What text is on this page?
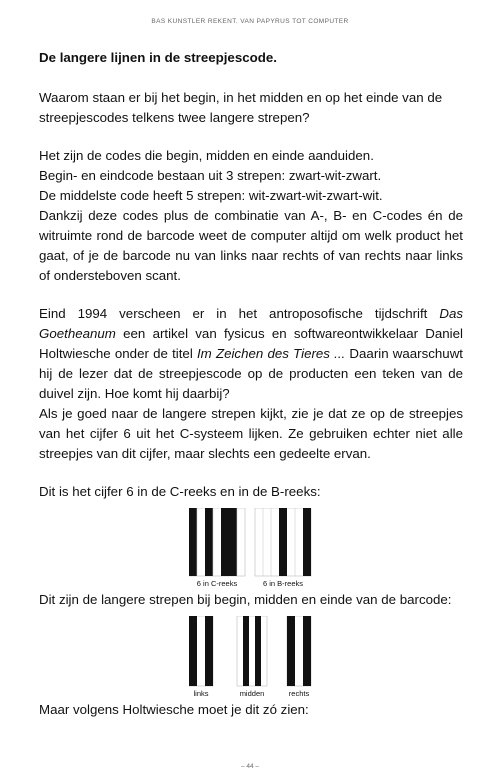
BAS KUNSTLER REKENT. VAN PAPYRUS TOT COMPUTER
De langere lijnen in de streepjescode.

Waarom staan er bij het begin, in het midden en op het einde van de streepjescodes telkens twee langere strepen?

Het zijn de codes die begin, midden en einde aanduiden.
Begin- en eindcode bestaan uit 3 strepen: zwart-wit-zwart.
De middelste code heeft 5 strepen: wit-zwart-wit-zwart-wit.
Dankzij deze codes plus de combinatie van A-, B- en C-codes én de witruimte rond de barcode weet de computer altijd om welk product het gaat, of je de barcode nu van links naar rechts of van rechts naar links of ondersteboven scant.

Eind 1994 verscheen er in het antroposofische tijdschrift Das Goetheanum een artikel van fysicus en softwareontwikkelaar Daniel Holtwiesche onder de titel Im Zeichen des Tieres ... Daarin waarschuwt hij de lezer dat de streepjescode op de producten een teken van de duivel zijn. Hoe komt hij daarbij?
Als je goed naar de langere strepen kijkt, zie je dat ze op de streepjes van het cijfer 6 uit het C-systeem lijken. Ze gebruiken echter niet alle streepjes van dit cijfer, maar slechts een gedeelte ervan.

Dit is het cijfer 6 in de C-reeks en in de B-reeks:
6 in C-reeks	6 in B-reeks
Dit zijn de langere strepen bij begin, midden en einde van de barcode:
links	midden	rechts
Maar volgens Holtwiesche moet je dit zó zien:
– 44 –
